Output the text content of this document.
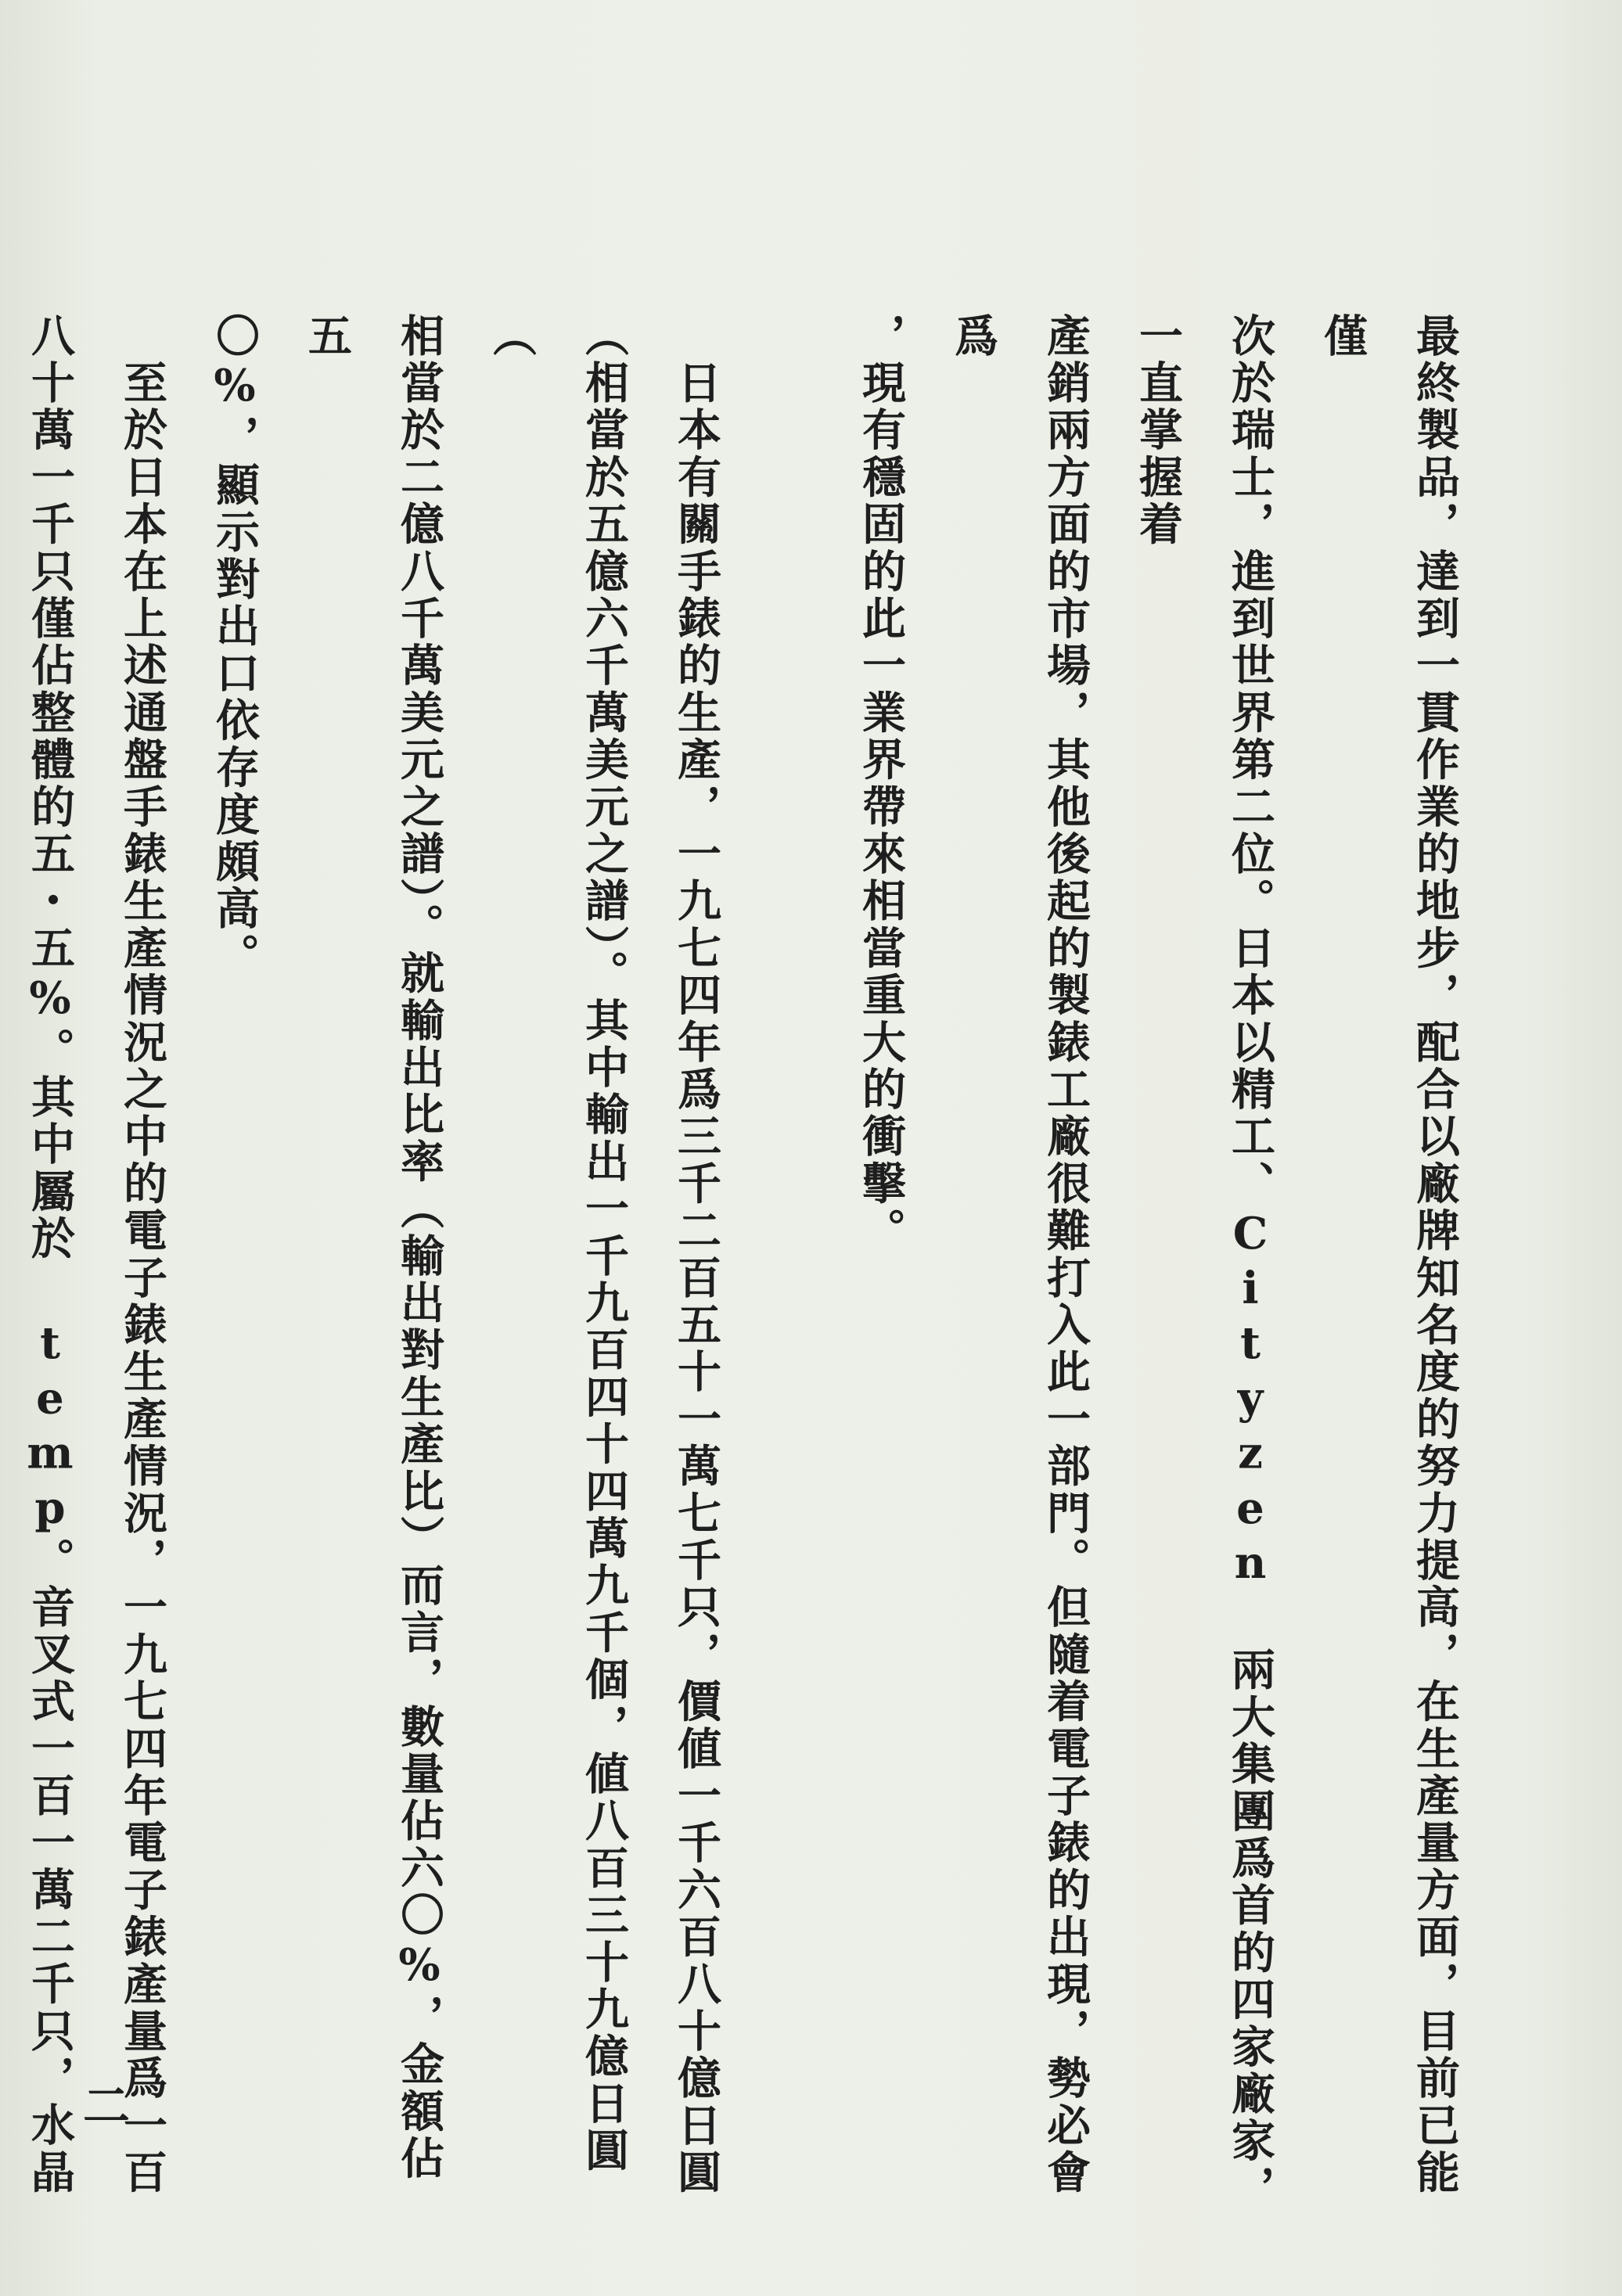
最終製品，達到一貫作業的地步，配合以廠牌知名度的努力提高，在生產量方面，目前已能僅

次於瑞士，進到世界第二位。日本以精工、Cityzen 兩大集團爲首的四家廠家，一直掌握着

產銷兩方面的市場，其他後起的製錶工廠很難打入此一部門。但隨着電子錶的出現，勢必會爲

，現有穩固的此一業界帶來相當重大的衝擊。

　日本有關手錶的生產，一九七四年爲三千二百五十一萬七千只，價値一千六百八十億日圓

（相當於五億六千萬美元之譜）。其中輸出一千九百四十四萬九千個，値八百三十九億日圓（

相當於二億八千萬美元之譜）。就輸出比率（輸出對生產比）而言，數量佔六〇%，金額佔五

〇%，顯示對出口依存度頗高。

　至於日本在上述通盤手錶生產情況之中的電子錶生產情況，一九七四年電子錶產量爲一百

八十萬一千只僅佔整體的五・五%。其中屬於 temp。音叉式一百一萬二千只，水晶

二
